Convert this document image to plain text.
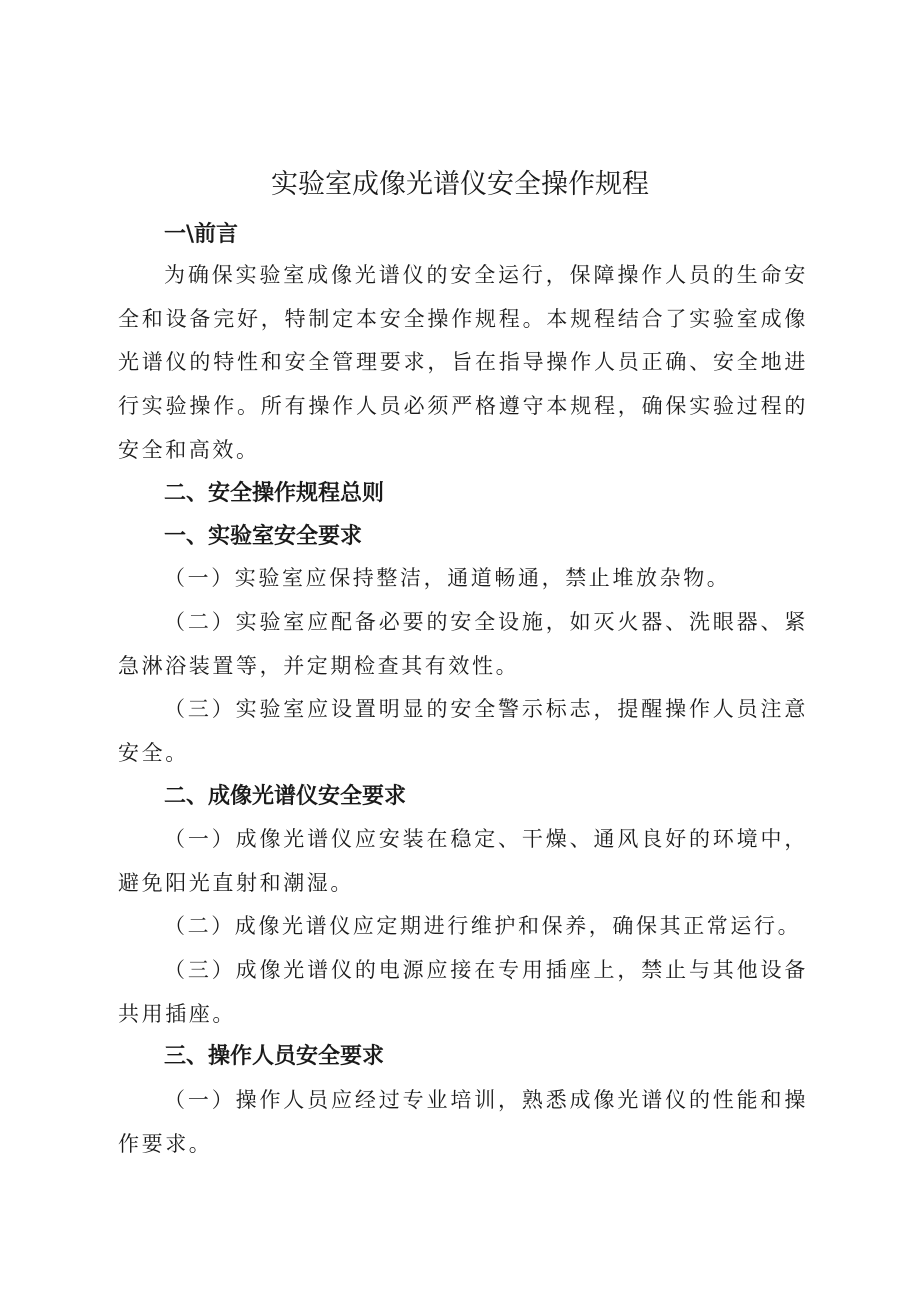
实验室成像光谱仪安全操作规程
一\前言

为确保实验室成像光谱仪的安全运行，保障操作人员的生命安全和设备完好，特制定本安全操作规程。本规程结合了实验室成像光谱仪的特性和安全管理要求，旨在指导操作人员正确、安全地进行实验操作。所有操作人员必须严格遵守本规程，确保实验过程的安全和高效。

二、安全操作规程总则
一、实验室安全要求

（一）实验室应保持整洁，通道畅通，禁止堆放杂物。

（二）实验室应配备必要的安全设施，如灭火器、洗眼器、紧急淋浴装置等，并定期检查其有效性。

（三）实验室应设置明显的安全警示标志，提醒操作人员注意安全。

二、成像光谱仪安全要求

（一）成像光谱仪应安装在稳定、干燥、通风良好的环境中，避免阳光直射和潮湿。

（二）成像光谱仪应定期进行维护和保养，确保其正常运行。

（三）成像光谱仪的电源应接在专用插座上，禁止与其他设备共用插座。

三、操作人员安全要求

（一）操作人员应经过专业培训，熟悉成像光谱仪的性能和操作要求。
